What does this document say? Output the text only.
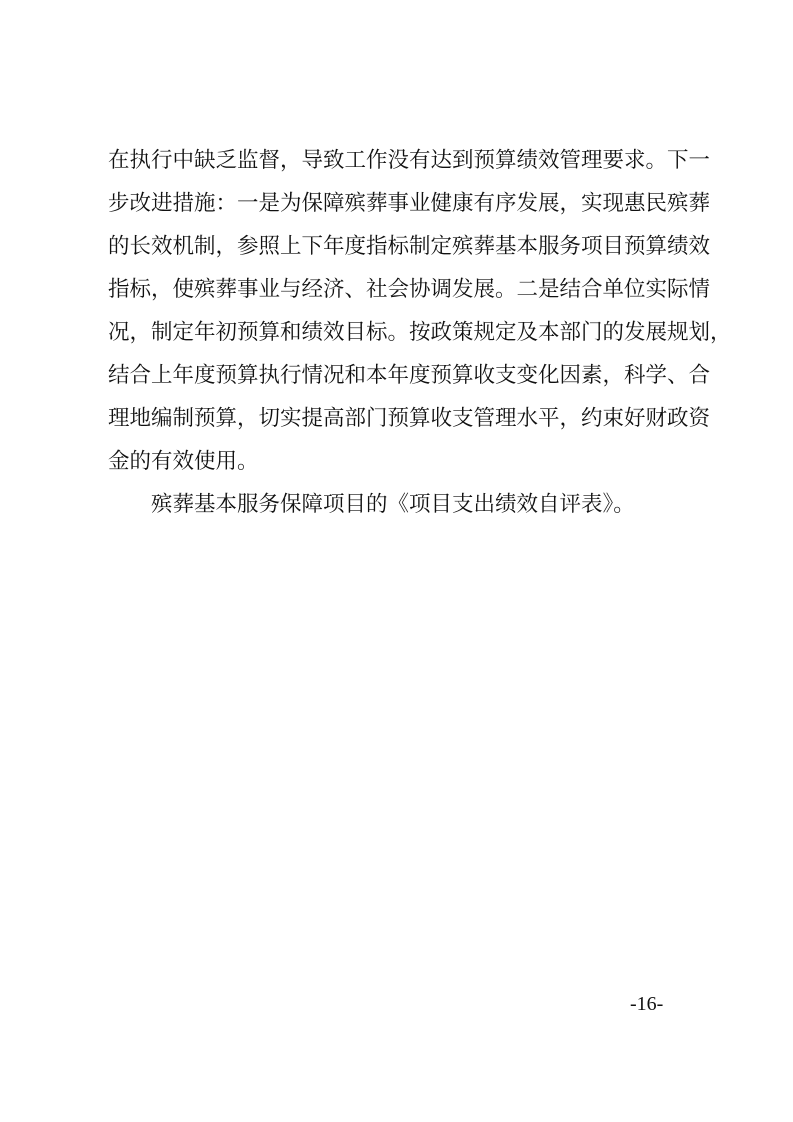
在执行中缺乏监督，导致工作没有达到预算绩效管理要求。下一
步改进措施：一是为保障殡葬事业健康有序发展，实现惠民殡葬
的长效机制，参照上下年度指标制定殡葬基本服务项目预算绩效
指标，使殡葬事业与经济、社会协调发展。二是结合单位实际情
况，制定年初预算和绩效目标。按政策规定及本部门的发展规划，
结合上年度预算执行情况和本年度预算收支变化因素，科学、合
理地编制预算，切实提高部门预算收支管理水平，约束好财政资
金的有效使用。
殡葬基本服务保障项目的《项目支出绩效自评表》。
-16-
